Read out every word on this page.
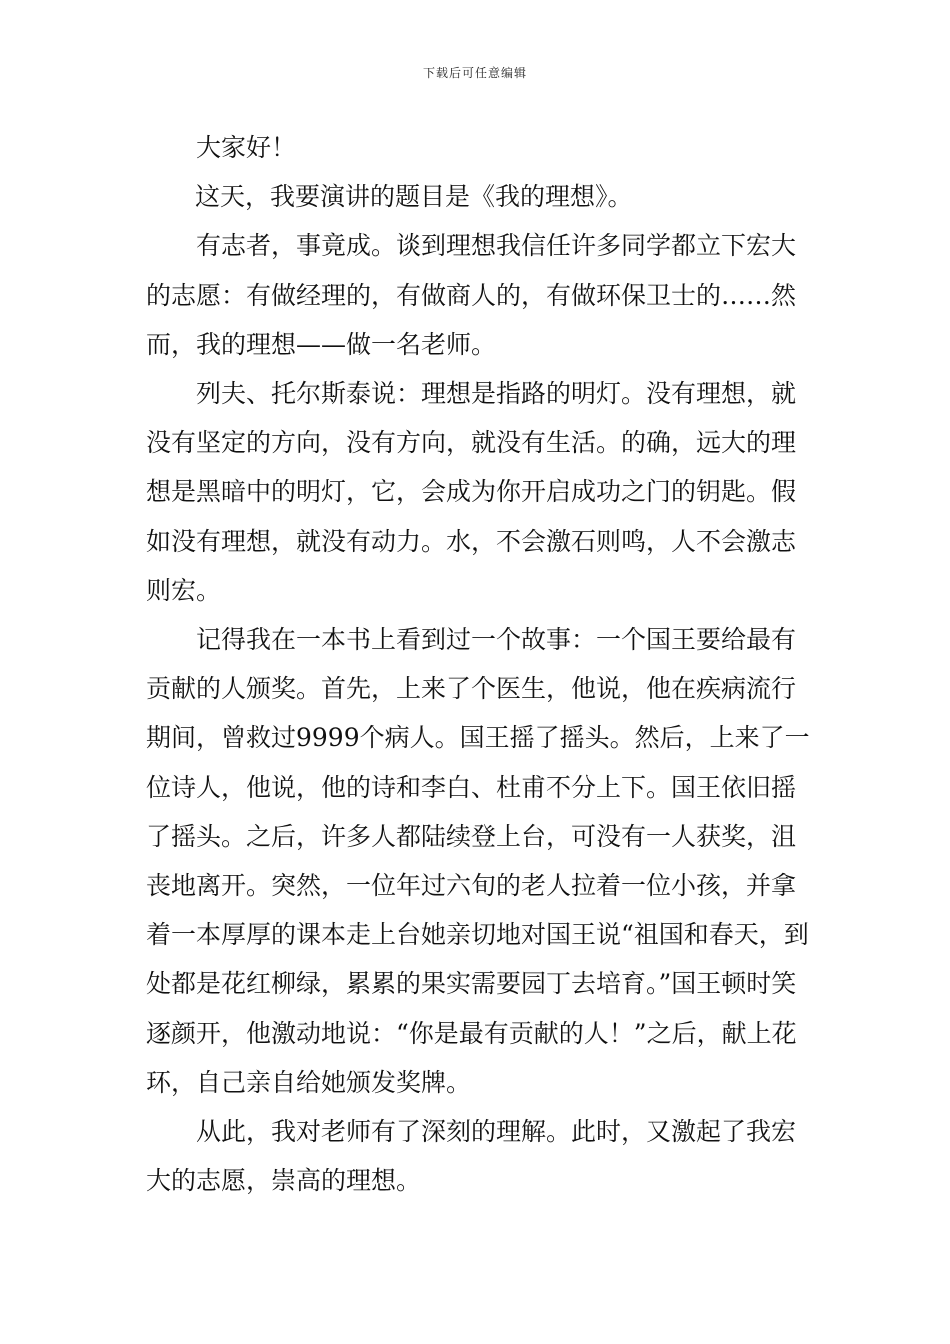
下载后可任意编辑

大家好！

这天，我要演讲的题目是《我的理想》。

有志者，事竟成。谈到理想我信任许多同学都立下宏大的志愿：有做经理的，有做商人的，有做环保卫士的……然而，我的理想——做一名老师。

列夫、托尔斯泰说：理想是指路的明灯。没有理想，就没有坚定的方向，没有方向，就没有生活。的确，远大的理想是黑暗中的明灯，它，会成为你开启成功之门的钥匙。假如没有理想，就没有动力。水，不会激石则鸣，人不会激志则宏。

记得我在一本书上看到过一个故事：一个国王要给最有贡献的人颁奖。首先，上来了个医生，他说，他在疾病流行期间，曾救过9999个病人。国王摇了摇头。然后，上来了一位诗人，他说，他的诗和李白、杜甫不分上下。国王依旧摇了摇头。之后，许多人都陆续登上台，可没有一人获奖，沮丧地离开。突然，一位年过六旬的老人拉着一位小孩，并拿着一本厚厚的课本走上台她亲切地对国王说“祖国和春天，到处都是花红柳绿，累累的果实需要园丁去培育。”国王顿时笑逐颜开，他激动地说：“你是最有贡献的人！”之后，献上花环，自己亲自给她颁发奖牌。

从此，我对老师有了深刻的理解。此时，又激起了我宏大的志愿，崇高的理想。
